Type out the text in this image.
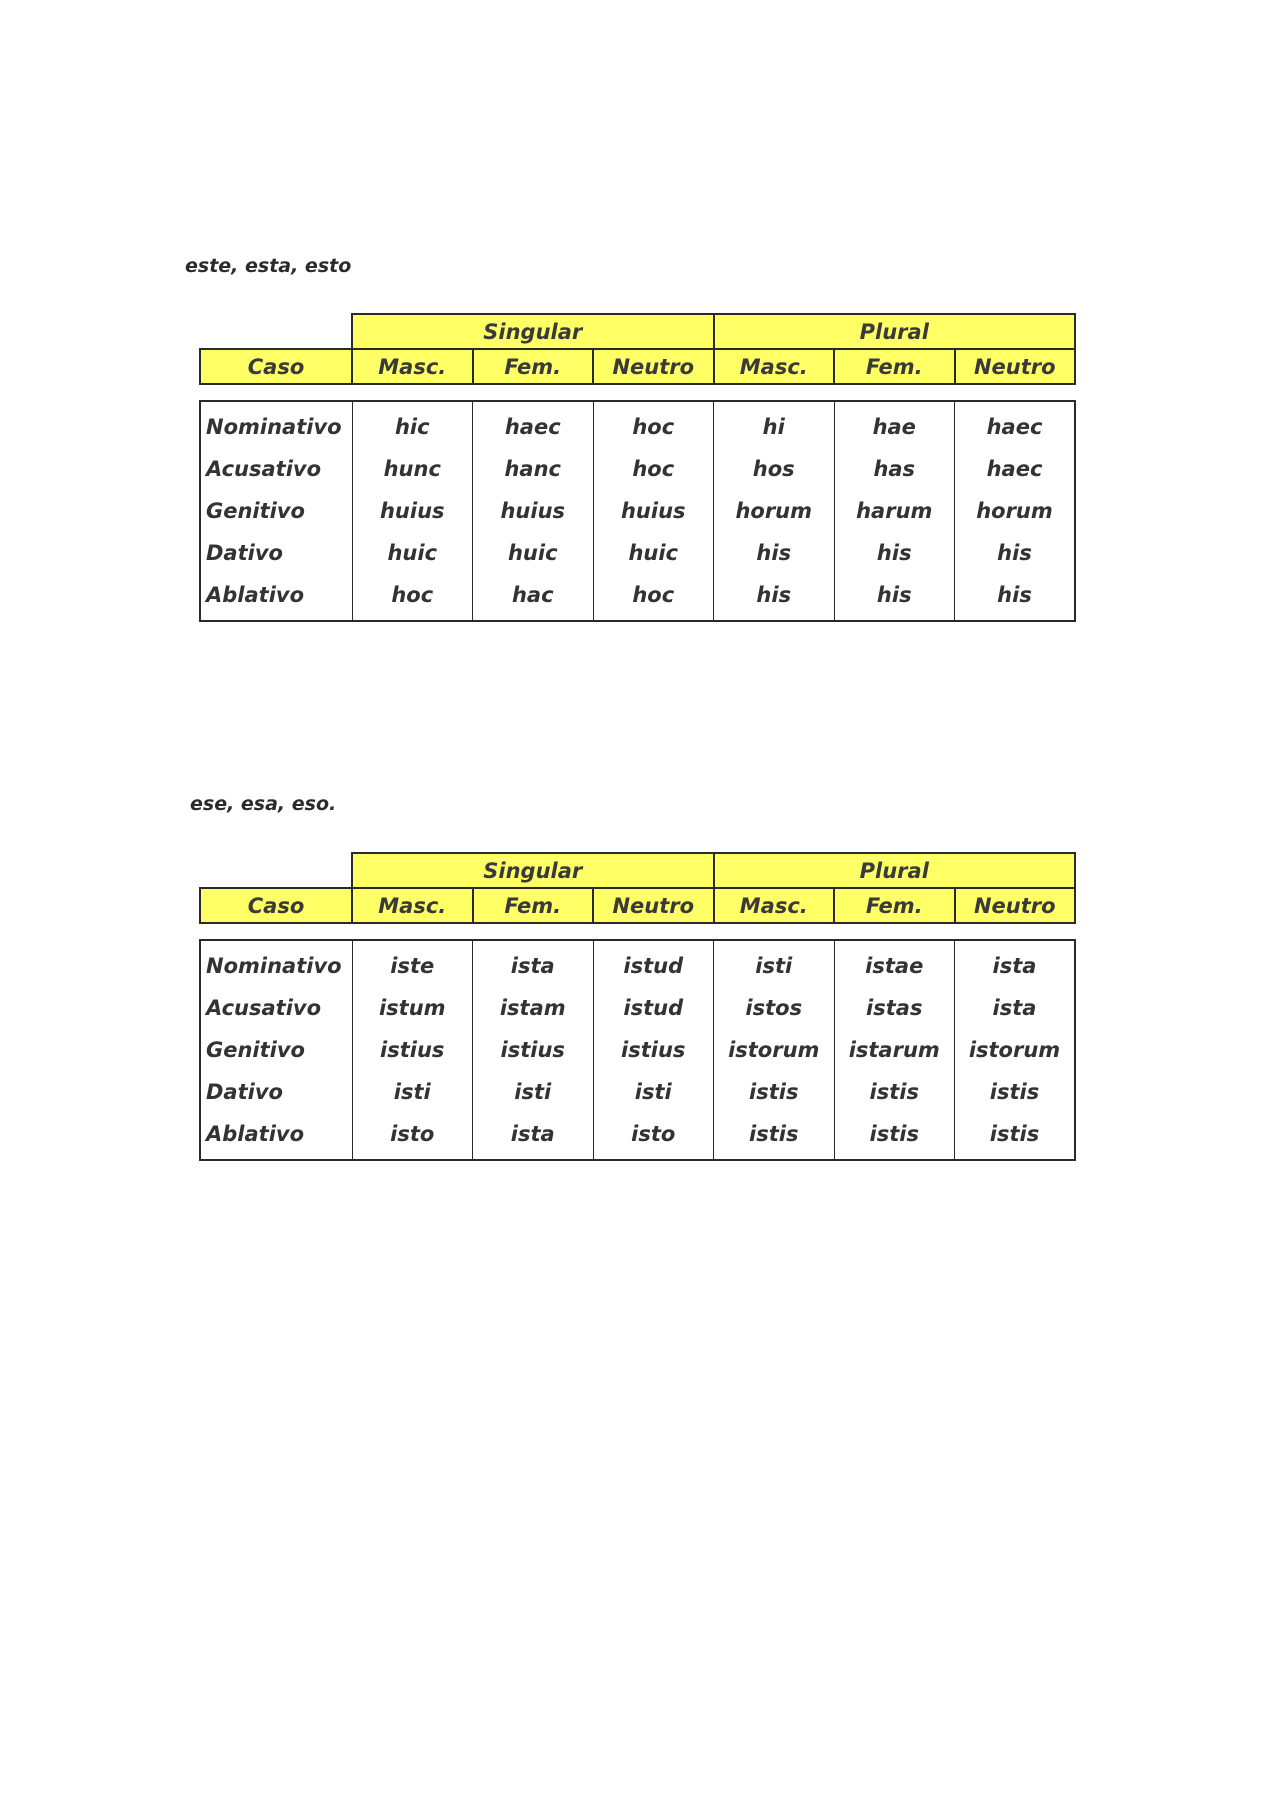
este, esta, esto
	Singular			Plural		
Caso	Masc.	Fem.	Neutro	Masc.	Fem.	Neutro
Nominativo	hic	haec	hoc	hi	hae	haec
Acusativo	hunc	hanc	hoc	hos	has	haec
Genitivo	huius	huius	huius	horum	harum	horum
Dativo	huic	huic	huic	his	his	his
Ablativo	hoc	hac	hoc	his	his	his
ese, esa, eso.
	Singular			Plural		
Caso	Masc.	Fem.	Neutro	Masc.	Fem.	Neutro
Nominativo	iste	ista	istud	isti	istae	ista
Acusativo	istum	istam	istud	istos	istas	ista
Genitivo	istius	istius	istius	istorum	istarum	istorum
Dativo	isti	isti	isti	istis	istis	istis
Ablativo	isto	ista	isto	istis	istis	istis
